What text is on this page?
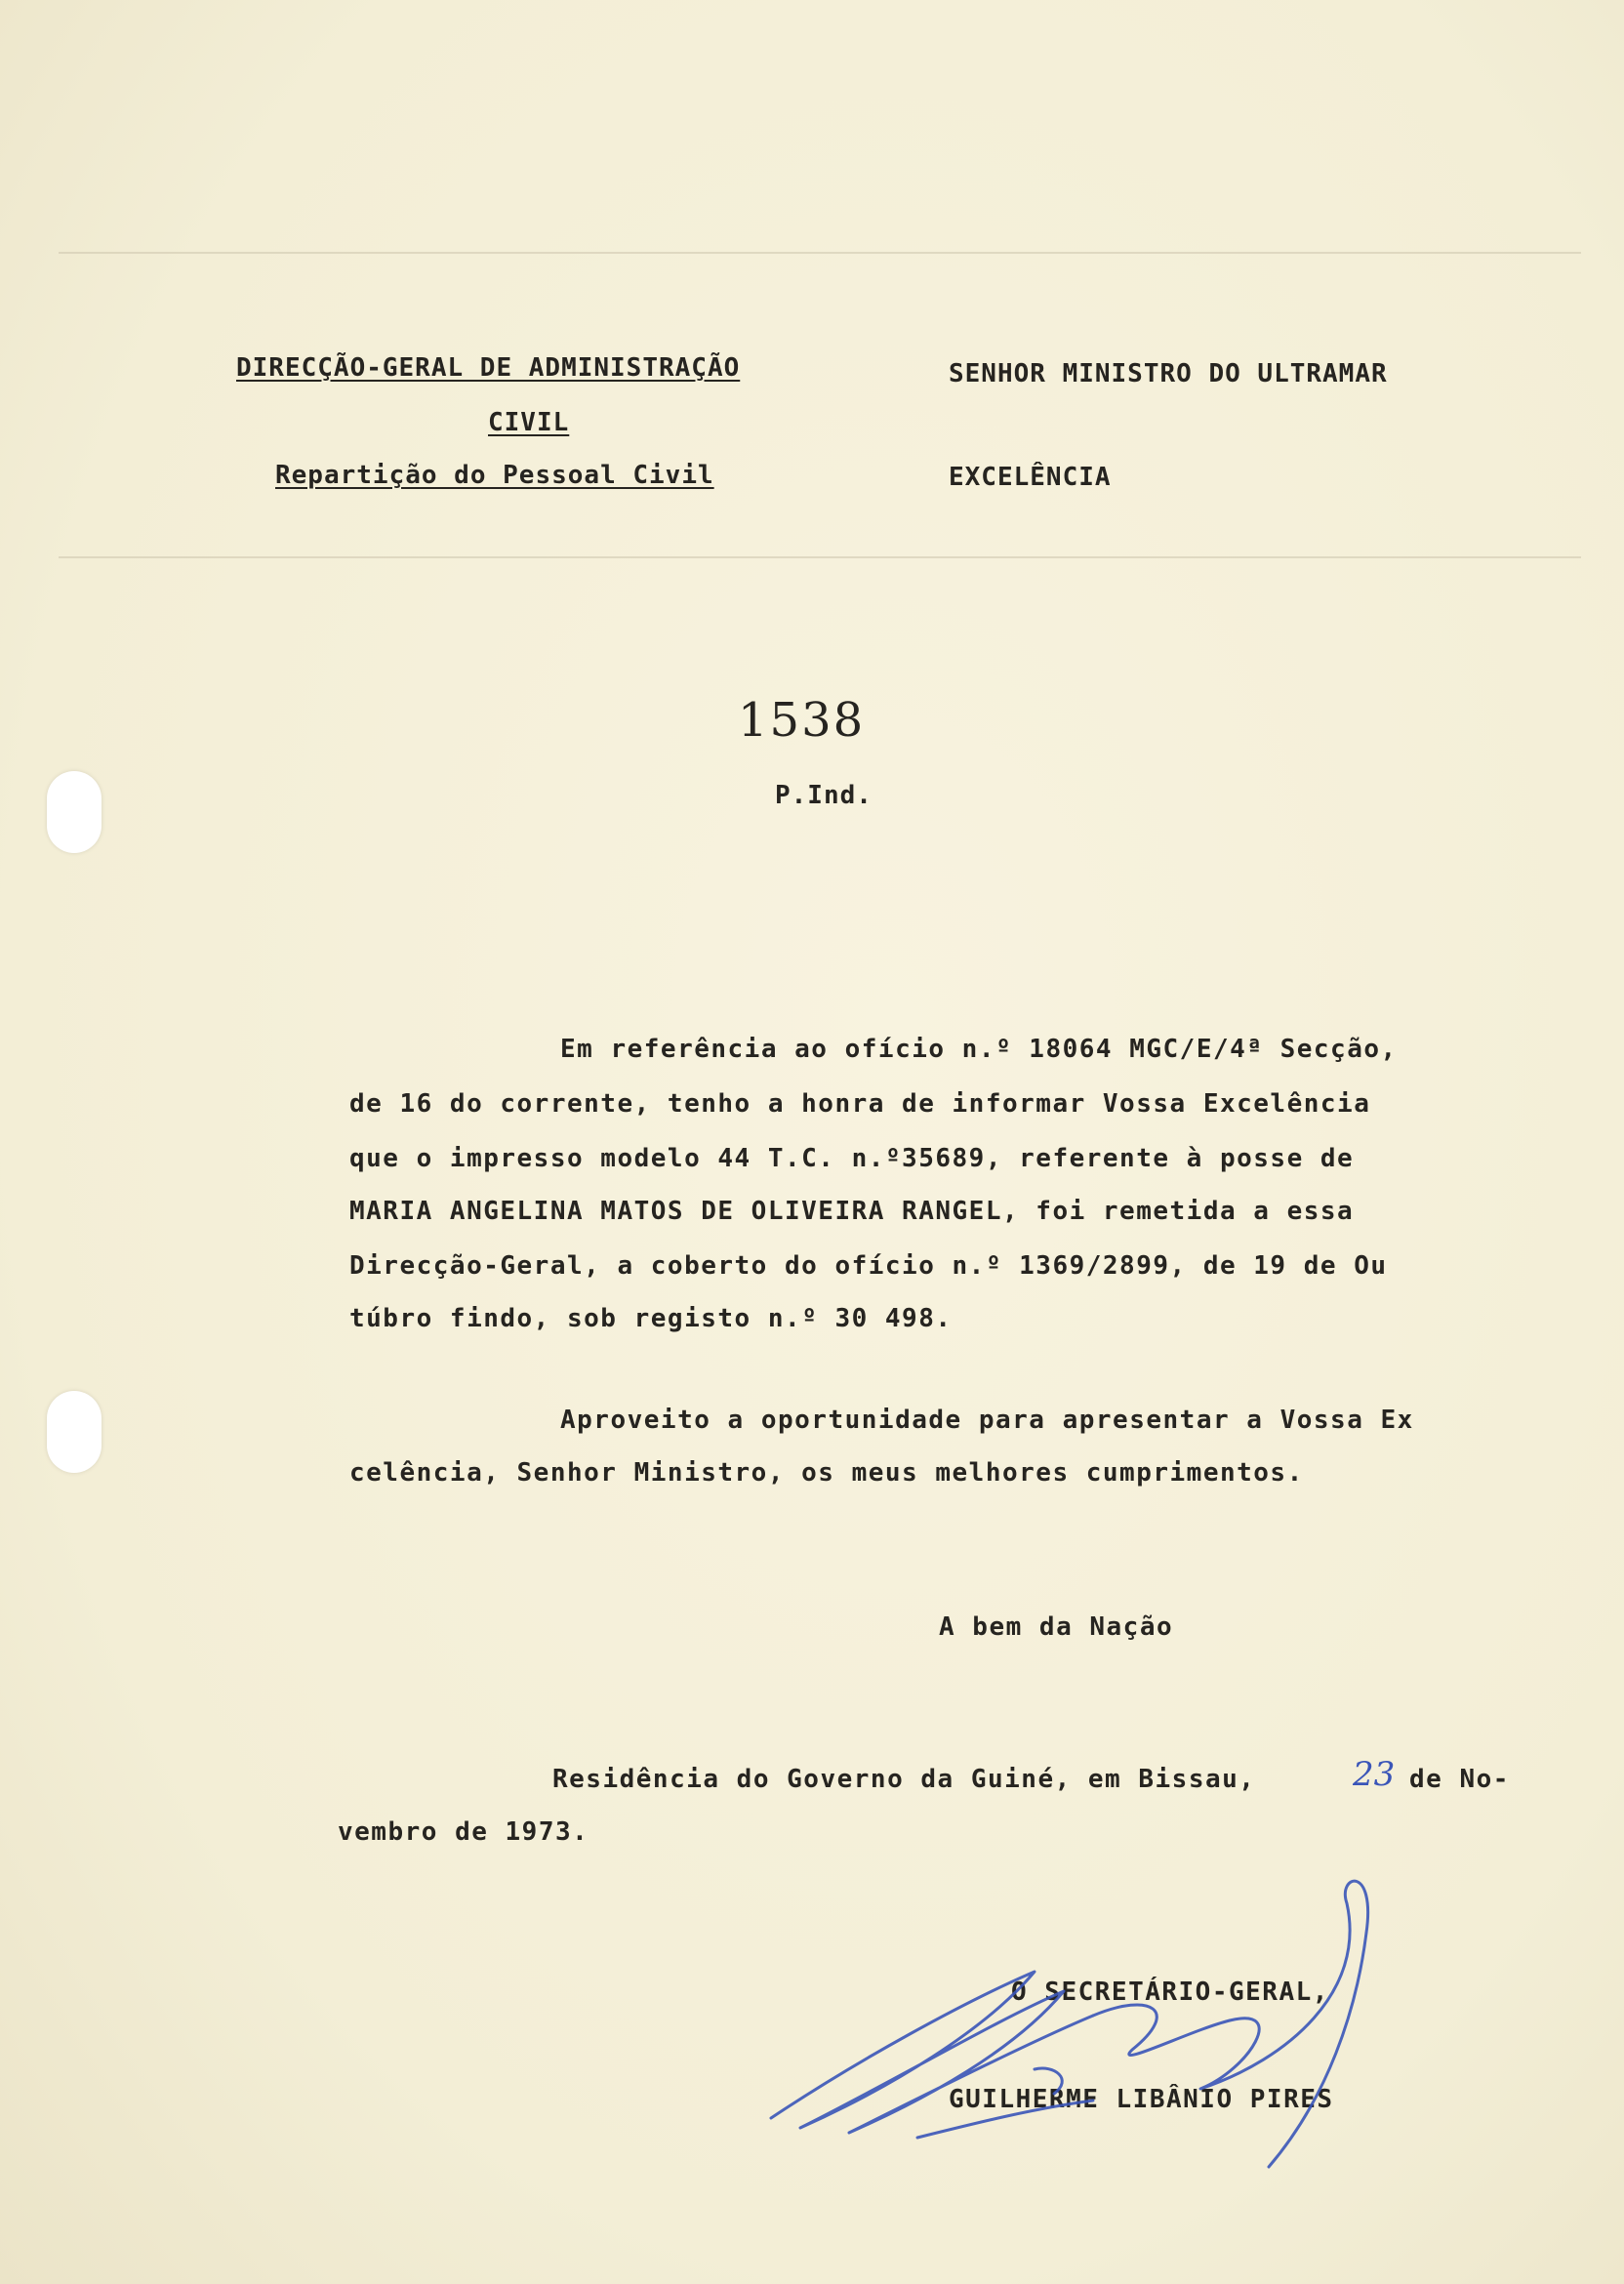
DIRECÇÃO-GERAL DE ADMINISTRAÇÃO
CIVIL
Repartição do Pessoal Civil
SENHOR MINISTRO DO ULTRAMAR
EXCELÊNCIA
1538
P.Ind.
Em referência ao ofício n.º 18064 MGC/E/4ª Secção,
de 16 do corrente, tenho a honra de informar Vossa Excelência
que o impresso modelo 44 T.C. n.º35689, referente à posse de
MARIA ANGELINA MATOS DE OLIVEIRA RANGEL, foi remetida a essa
Direcção-Geral, a coberto do ofício n.º 1369/2899, de 19 de Ou
túbro findo, sob registo n.º 30 498.
Aproveito a oportunidade para apresentar a Vossa Ex
celência, Senhor Ministro, os meus melhores cumprimentos.
A bem da Nação
Residência do Governo da Guiné, em Bissau,	23 de No-
vembro de 1973.
O SECRETÁRIO-GERAL,
GUILHERME LIBÂNIO PIRES
